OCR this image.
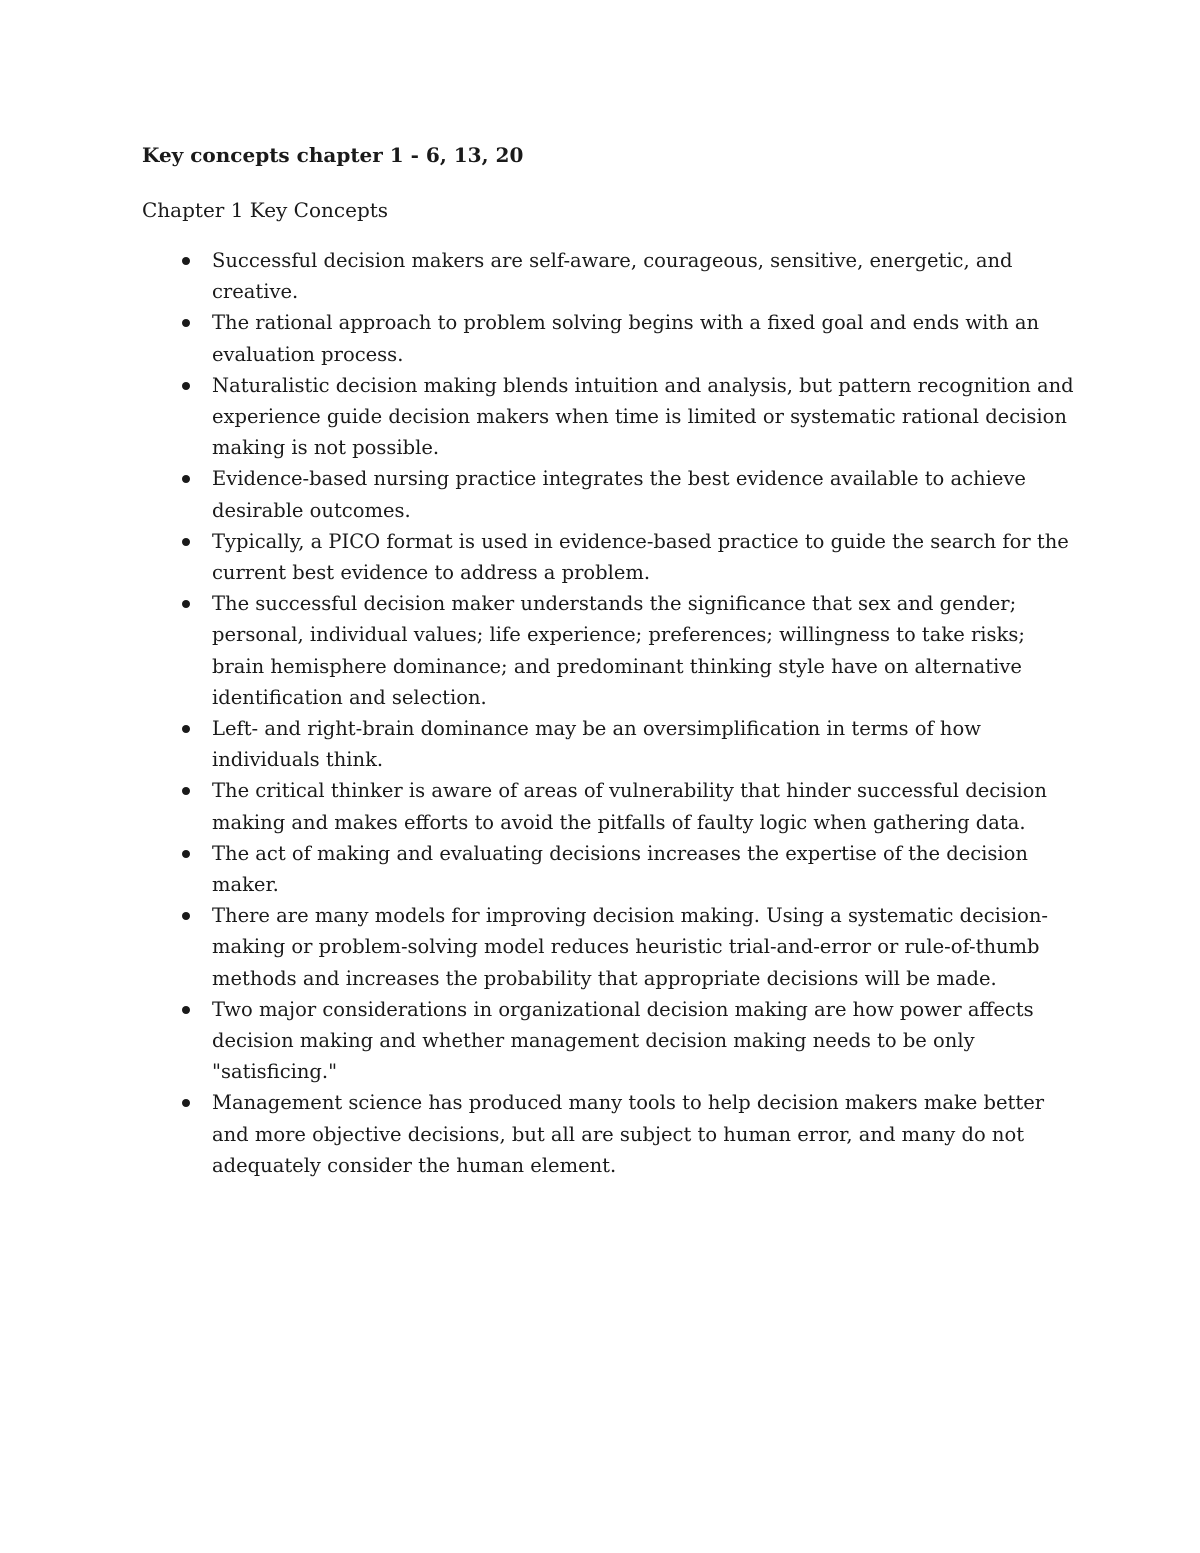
Key concepts chapter 1 - 6, 13, 20
Chapter 1 Key Concepts
Successful decision makers are self-aware, courageous, sensitive, energetic, and creative.
The rational approach to problem solving begins with a fixed goal and ends with an evaluation process.
Naturalistic decision making blends intuition and analysis, but pattern recognition and experience guide decision makers when time is limited or systematic rational decision making is not possible.
Evidence-based nursing practice integrates the best evidence available to achieve desirable outcomes.
Typically, a PICO format is used in evidence-based practice to guide the search for the current best evidence to address a problem.
The successful decision maker understands the significance that sex and gender; personal, individual values; life experience; preferences; willingness to take risks; brain hemisphere dominance; and predominant thinking style have on alternative identification and selection.
Left- and right-brain dominance may be an oversimplification in terms of how individuals think.
The critical thinker is aware of areas of vulnerability that hinder successful decision making and makes efforts to avoid the pitfalls of faulty logic when gathering data.
The act of making and evaluating decisions increases the expertise of the decision maker.
There are many models for improving decision making. Using a systematic decision-making or problem-solving model reduces heuristic trial-and-error or rule-of-thumb methods and increases the probability that appropriate decisions will be made.
Two major considerations in organizational decision making are how power affects decision making and whether management decision making needs to be only "satisficing."
Management science has produced many tools to help decision makers make better and more objective decisions, but all are subject to human error, and many do not adequately consider the human element.
